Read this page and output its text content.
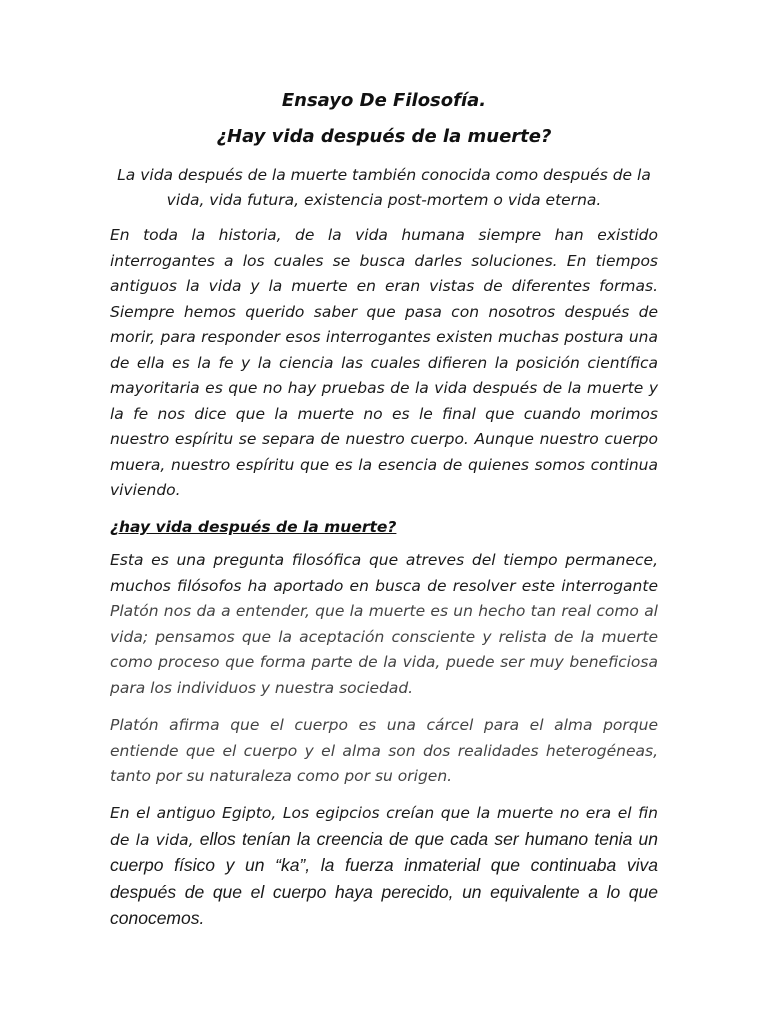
Ensayo De Filosofía.
¿Hay vida después de la muerte?
La vida después de la muerte también conocida como después de la vida, vida futura, existencia post-mortem o vida eterna.
En toda la historia, de la vida humana siempre han existido interrogantes a los cuales se busca darles soluciones. En tiempos antiguos la vida y la muerte en eran vistas de diferentes formas. Siempre hemos querido saber que pasa con nosotros después de morir, para responder esos interrogantes existen muchas postura una de ella es la fe y la ciencia las cuales difieren la posición científica mayoritaria es que no hay pruebas de la vida después de la muerte y la fe nos dice que la muerte no es le final que cuando morimos nuestro espíritu se separa de nuestro cuerpo. Aunque nuestro cuerpo muera, nuestro espíritu que es la esencia de quienes somos continua viviendo.
¿hay vida después de la muerte?
Esta es una pregunta filosófica que atreves del tiempo permanece, muchos filósofos ha aportado en busca de resolver este interrogante Platón nos da a entender, que la muerte es un hecho tan real como al vida; pensamos que la aceptación consciente y relista de la muerte como proceso que forma parte de la vida, puede ser muy beneficiosa para los individuos y nuestra sociedad.
Platón afirma que el cuerpo es una cárcel para el alma porque entiende que el cuerpo y el alma son dos realidades heterogéneas, tanto por su naturaleza como por su origen.
En el antiguo Egipto, Los egipcios creían que la muerte no era el fin de la vida, ellos tenían la creencia de que cada ser humano tenia un cuerpo físico y un “ka”, la fuerza inmaterial que continuaba viva después de que el cuerpo haya perecido, un equivalente a lo que conocemos.
